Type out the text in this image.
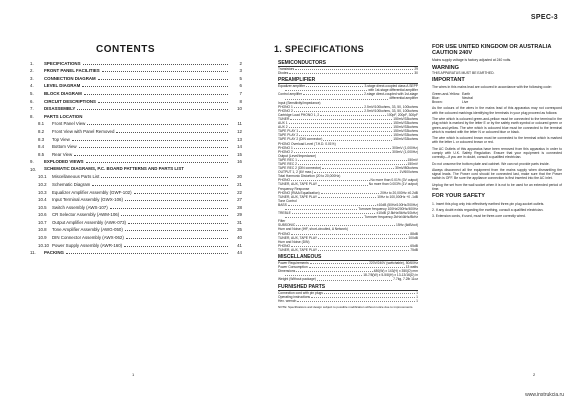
SPEC-3
CONTENTS
1.	SPECIFICATIONS	2
2.	FRONT PANEL FACILITIES	3
3.	CONNECTION DIAGRAM	5
4.	LEVEL DIAGRAM	6
5.	BLOCK DIAGRAM	7
6.	CIRCUIT DESCRIPTIONS	8
7.	DISASSEMBLY	10
8.	PARTS LOCATION
8.1	Front Panel View	11
8.2	Front View with Panel Removed	12
8.3	Top View	13
8.4	Bottom View	14
8.5	Rear View	15
9.	EXPLODED VIEWS	16
10.	SCHEMATIC DIAGRAMS, P.C. BOARD PATTERNS AND PARTS LIST
10.1	Miscellaneous Parts List	20
10.2	Schematic Diagram	21
10.3	Equalizer Amplifier Assembly (GWF-102)	22
10.4	Input Terminal Assembly (GWX-106)	27
10.5	Switch Assembly (AWS-107)	28
10.6	CR Selector Assembly (AWM-106)	29
10.7	Output Amplifier Assembly (AWK-073)	31
10.8	Tone Amplifier Assembly (AWG-050)	35
10.9	DIN Connector Assembly (AWX-062)	40
10.10 Power Supply Assembly (AWR-160)	41
11.	PACKING	44
1
1. SPECIFICATIONS
SEMICONDUCTORS
Transistors	29
Diodes	30
PREAMPLIFIER
Equalizer amplifier	3-stage direct-coupled class A SEPP
with 1st-stage differential amplifier
Control amplifier	2-stage direct-coupled with 1st-stage
differential amplifier
Input (Sensitivity/Impedance)
PHONO 1	2.5mV/100kohms, 33, 50, 100kohms
PHONO 2	2.5mV/100kohms, 33, 50, 100kohms
Cartridge Load PHONO 1, 2	100pF, 200pF, 300pF
TUNER	150mV/33kohms
AUX 1	150mV/33kohms
AUX 2	150mV/33kohms
TAPE PLAY 1	150mV/33kohms
TAPE PLAY 2	150mV/33kohms
TAPE PLAY 2 (DIN connector)	150mV/33kohms
PHONO Overload Level (T.H.D. 0.01%)
PHONO 1	300mV (1,000Hz)
PHONO 2	300mV (1,000Hz)
Output (Level/Impedance)
TAPE REC 1	150mV
TAPE REC 2	150mV
TAPE REC 2 (DIN connector)	30mV/80kohms
OUTPUT 1, 2 (6V max.)	1V/600ohms
Total Harmonic Distortion (20 to 20,000Hz)
PHONO	No more than 0.01% (3V output)
TUNER, AUX, TAPE PLAY	No more than 0.003% (1V output)
Frequency Response
PHONO (RIAA Equalization)	20Hz to 20,000Hz ±0.2dB
TUNER, AUX, TAPE PLAY	10Hz to 100,000Hz +0 -1dB
Tone Control
BASS	±10dB (50Hz/100Hz/200Hz)
Turnover frequency 100Hz/200Hz/400Hz
TREBLE	±10dB (2.5kHz/5kHz/10kHz)
Turnover frequency 2kHz/4kHz/8kHz
Filter
SUBSONIC	15Hz (6dB/oct)
Hum and Noise (IHF, short-circuited, A Network)
PHONO	88dB
TUNER, AUX, TAPE PLAY	100dB
Hum and Noise (DIN)
PHONO	65dB
TUNER, AUX, TAPE PLAY	75dB
MISCELLANEOUS
Power Requirements	220V/240V (switchable), 50/60Hz
Power Consumption	13 watts
Dimensions	480(W) x 143(H) x 350(D) mm
18-7/8(W) x 5-5/8(H) x 13-13/16(D) in
Weight (Without package)	7.7kg, 7.2lb 11oz
FURNISHED PARTS
Connection cord with pin plugs	1
Operating instructions	1
Hex. wrench	1
NOTE: Specifications and design subject to possible modification without notice due to improvements.
FOR USE UNITED KINGDOM OR AUSTRALIA
CAUTION 240V
Mains supply voltage is factory adjusted at 240 volts.
WARNING
THIS APPARATUS MUST BE EARTHED.
IMPORTANT
The wires in this mains lead are coloured in accordance with the following code:
Green-and-Yellow: Earth
Blue:	Neutral
Brown:	Live
As the colours of the wires in the mains lead of this apparatus may not correspond with the coloured markings identifying the terminals in your plug proceed as follows:
The wire which is coloured green-and-yellow must be connected to the terminal in the plug which is marked by the letter E or by the safety earth symbol or coloured green or green-and-yellow. The wire which is coloured blue must be connected to the terminal which is marked with the letter N or coloured blue or black.
The wire which is coloured brown must be connected to the terminal which is marked with the letter L or coloured brown or red.
The AC Outlets of this apparatus have been removed from this apparatus in order to comply with U.K. Safety Regulation. Ensure that your equipment is connected correctly—if you are in doubt, consult a qualified electrician.
Do not unscrew the bottom plate and cabinet. We can not provide parts inside.
Always disconnect all the equipment from the mains supply when dismantling the signal leads. The Power cord should be connected last, make sure that the Power switch is OFF. Be sure the appliance connection is first inserted into the AC inlet.
Unplug the set from the wall socket when it is not to be used for an extended period of time.
FOR YOUR SAFETY
1. Insert this plug only into effectively earthed three-pin plug-socket outlets.
2. If any doubt exists regarding the earthing, consult a qualified electrician.
3. Extension cords, if used, must be three-core correctly wired.
2
www.instrukcia.ru
